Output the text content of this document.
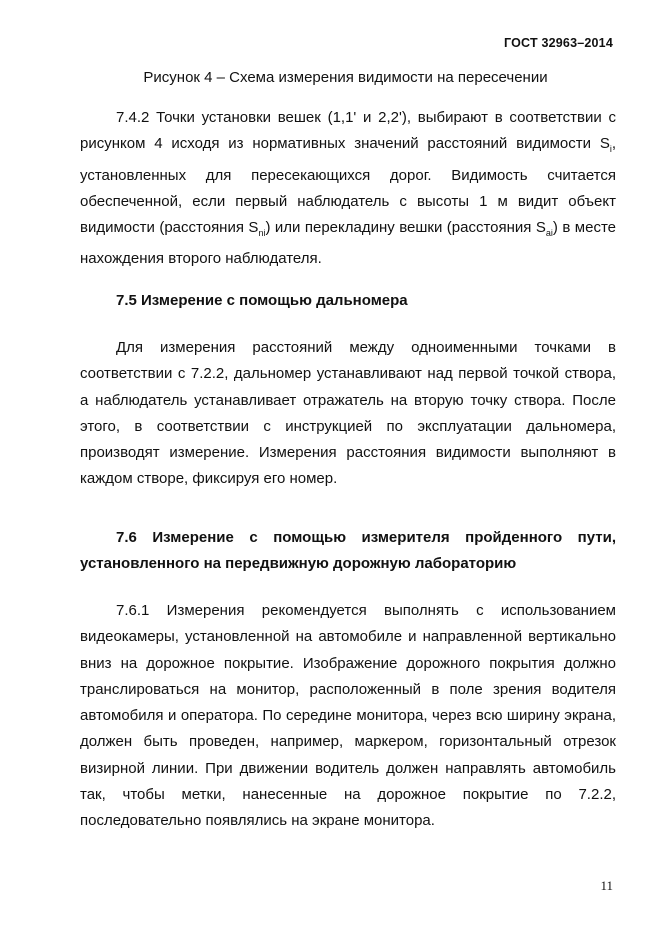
ГОСТ 32963–2014
Рисунок 4 – Схема измерения видимости на пересечении

7.4.2 Точки установки вешек (1,1' и 2,2'), выбирают в соответствии с рисунком 4 исходя из нормативных значений расстояний видимости $S_i$, установленных для пересекающихся дорог. Видимость считается обеспеченной, если первый наблюдатель с высоты 1 м видит объект видимости (расстояния $S_{ni}$) или перекладину вешки (расстояния $S_{ai}$) в месте нахождения второго наблюдателя.

7.5 Измерение с помощью дальномера

Для измерения расстояний между одноименными точками в соответствии с 7.2.2, дальномер устанавливают над первой точкой створа, а наблюдатель устанавливает отражатель на вторую точку створа. После этого, в соответствии с инструкцией по эксплуатации дальномера, производят измерение. Измерения расстояния видимости выполняют в каждом створе, фиксируя его номер.

7.6 Измерение с помощью измерителя пройденного пути, установленного на передвижную дорожную лабораторию

7.6.1 Измерения рекомендуется выполнять с использованием видеокамеры, установленной на автомобиле и направленной вертикально вниз на дорожное покрытие. Изображение дорожного покрытия должно транслироваться на монитор, расположенный в поле зрения водителя автомобиля и оператора. По середине монитора, через всю ширину экрана, должен быть проведен, например, маркером, горизонтальный отрезок визирной линии. При движении водитель должен направлять автомобиль так, чтобы метки, нанесенные на дорожное покрытие по 7.2.2, последовательно появлялись на экране монитора.

11
